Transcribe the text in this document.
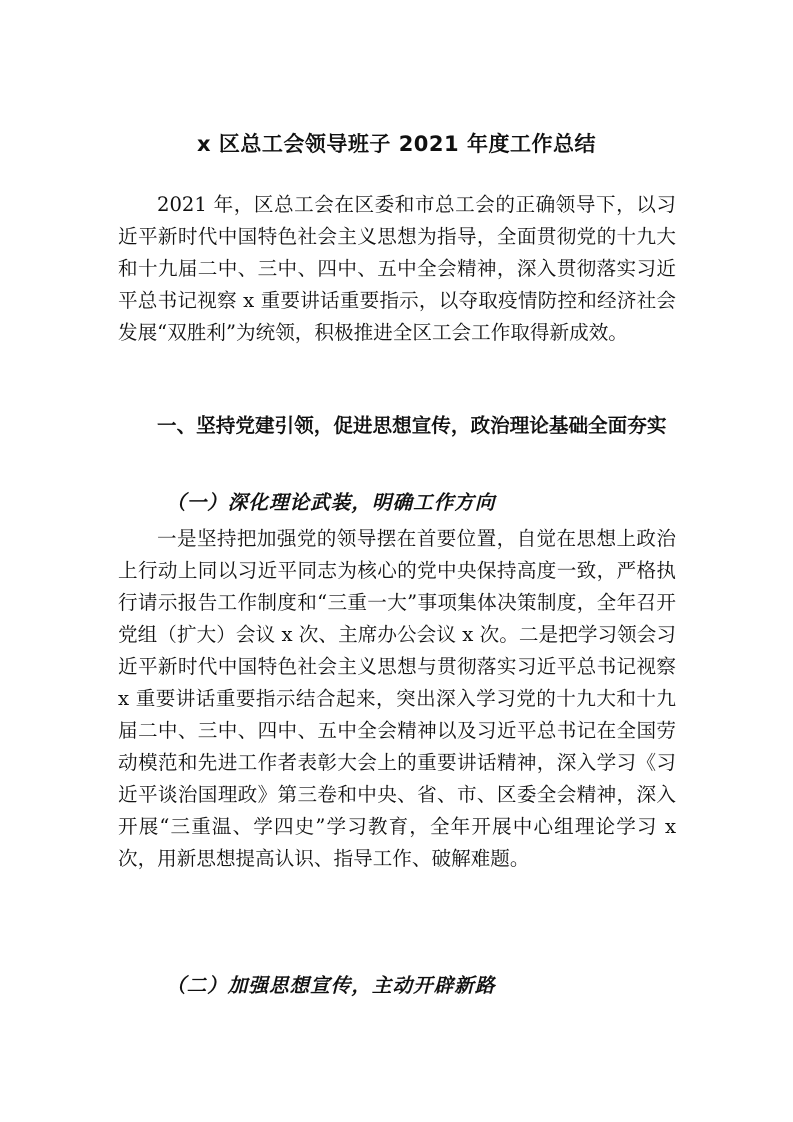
x 区总工会领导班子 2021 年度工作总结
2021 年，区总工会在区委和市总工会的正确领导下，以习近平新时代中国特色社会主义思想为指导，全面贯彻党的十九大和十九届二中、三中、四中、五中全会精神，深入贯彻落实习近平总书记视察 x 重要讲话重要指示，以夺取疫情防控和经济社会发展“双胜利”为统领，积极推进全区工会工作取得新成效。
一、坚持党建引领，促进思想宣传，政治理论基础全面夯实
（一）深化理论武装，明确工作方向
一是坚持把加强党的领导摆在首要位置，自觉在思想上政治上行动上同以习近平同志为核心的党中央保持高度一致，严格执行请示报告工作制度和“三重一大”事项集体决策制度，全年召开党组（扩大）会议 x 次、主席办公会议 x 次。二是把学习领会习近平新时代中国特色社会主义思想与贯彻落实习近平总书记视察 x 重要讲话重要指示结合起来，突出深入学习党的十九大和十九届二中、三中、四中、五中全会精神以及习近平总书记在全国劳动模范和先进工作者表彰大会上的重要讲话精神，深入学习《习近平谈治国理政》第三卷和中央、省、市、区委全会精神，深入开展“三重温、学四史”学习教育，全年开展中心组理论学习 x 次，用新思想提高认识、指导工作、破解难题。
（二）加强思想宣传，主动开辟新路
